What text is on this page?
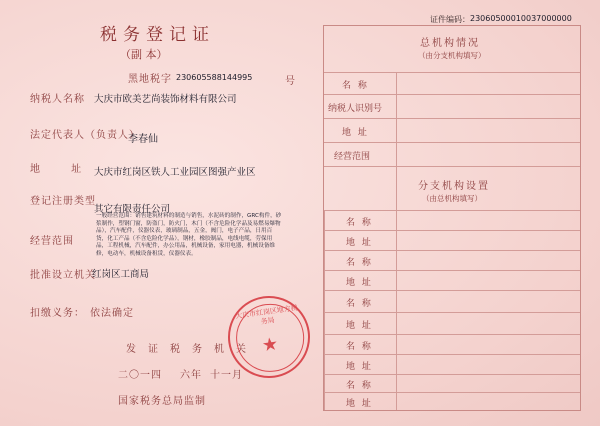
税务登记证
（副 本）
黑地税字 230605588144995	号
纳税人名称 大庆市欧美艺尚装饰材料有限公司
法定代表人（负责人）
李春仙
地 址
大庆市红岗区铁人工业园区图强产业区
登记注册类型
其它有限责任公司
经营范围
一般经营范围：销售建筑材料的制造与销售，水泥砖的制作，GRC构件，砂浆制作，塑钢门窗，防盗门，防火门，木门（不含危险化学品及易燃易爆物品），汽车配件，仪器仪表，玻璃制品，五金，阀门，电子产品，日用百货，化工产品（不含危险化学品），钢材，橡胶制品，电线电缆，劳保用品，工程机械，汽车配件，办公用品，机械设备，家用电器，机械设备维修，电动车，机械设备租赁，仪器仪表。
批准设立机关
红岗区工商局
扣缴义务： 依法确定
发证税务机关
二〇一四 六年 十一月
国家税务总局监制
大庆市红岗区地方税务局
★
证件编码： 23060500010037000000
总机构情况
（由分支机构填写）
名 称
纳税人识别号
地 址
经营范围
分支机构设置
（由总机构填写）
名 称
地 址
名 称
地 址
名 称
地 址
名 称
地 址
名 称
地 址
